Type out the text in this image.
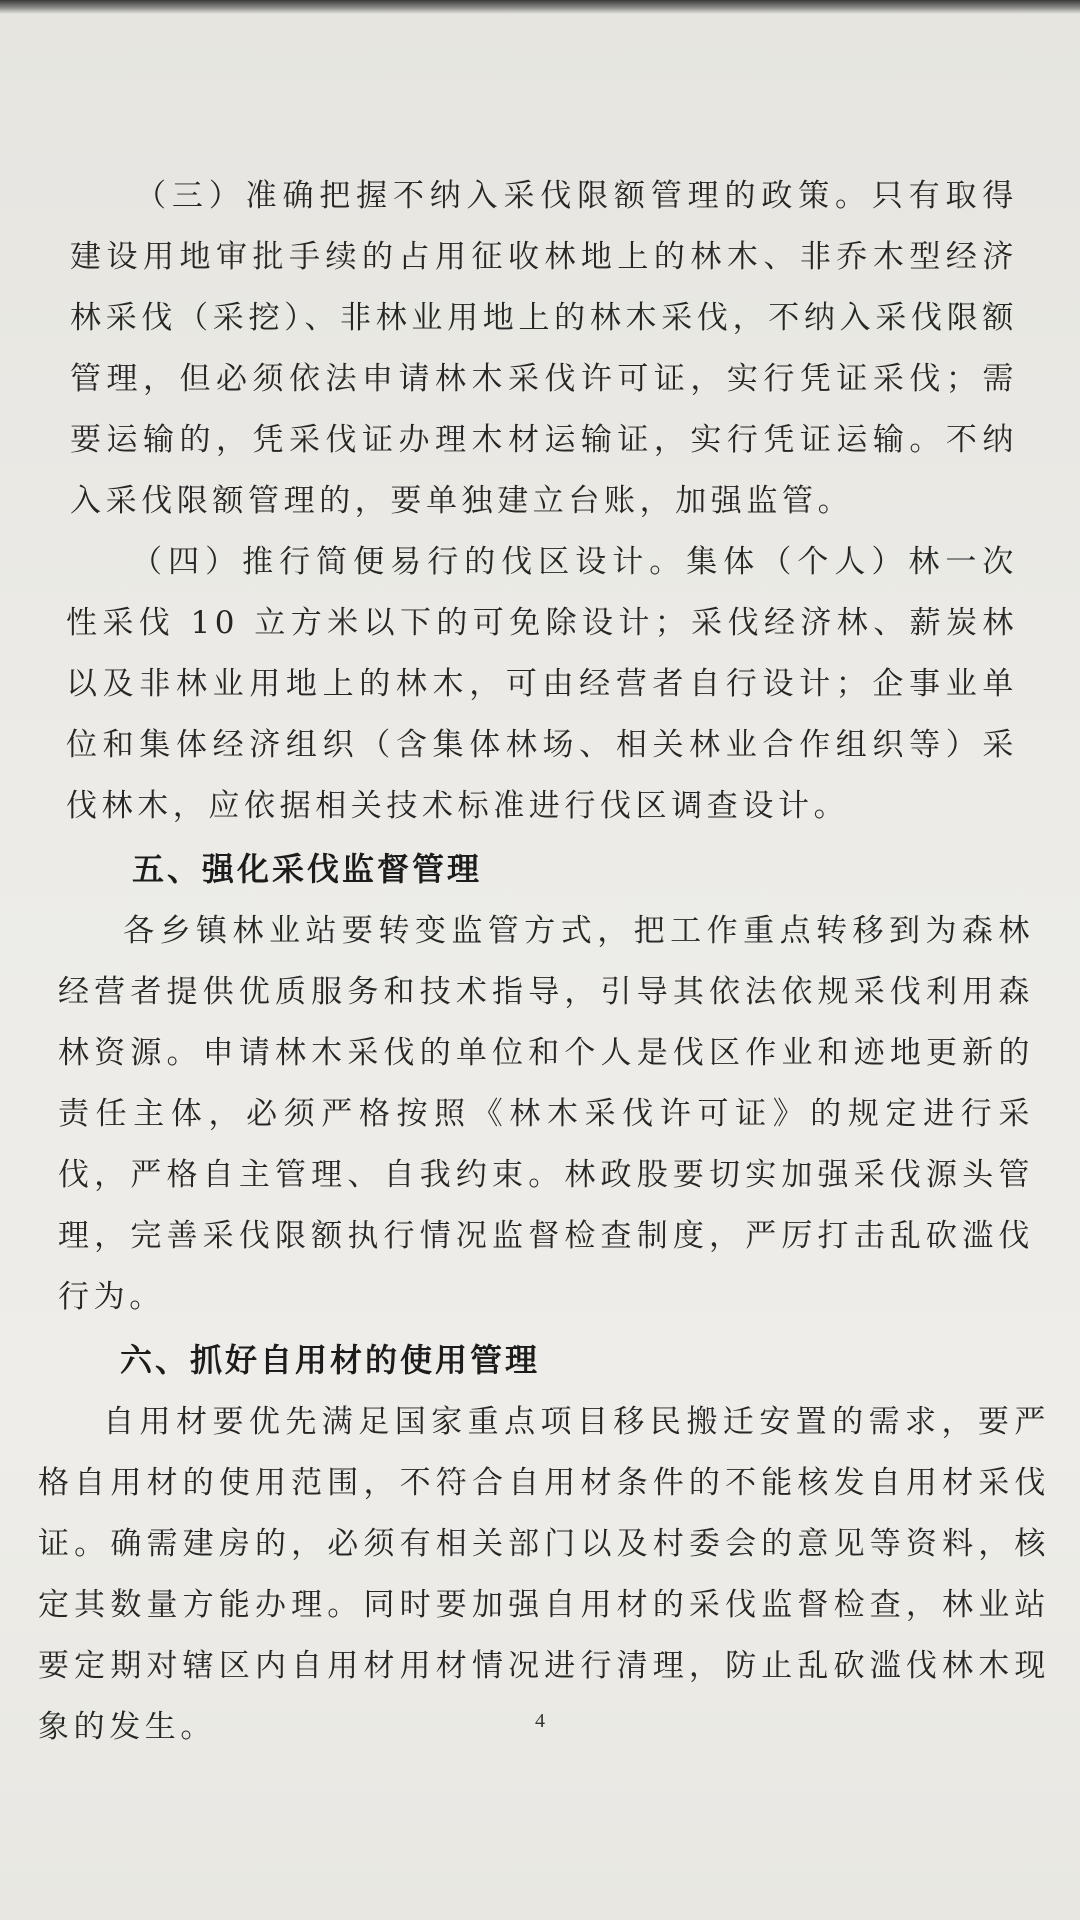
（三）准确把握不纳入采伐限额管理的政策。只有取得建设用地审批手续的占用征收林地上的林木、非乔木型经济林采伐（采挖）、非林业用地上的林木采伐，不纳入采伐限额管理，但必须依法申请林木采伐许可证，实行凭证采伐；需要运输的，凭采伐证办理木材运输证，实行凭证运输。不纳入采伐限额管理的，要单独建立台账，加强监管。

（四）推行简便易行的伐区设计。集体（个人）林一次性采伐 10 立方米以下的可免除设计；采伐经济林、薪炭林以及非林业用地上的林木，可由经营者自行设计；企事业单位和集体经济组织（含集体林场、相关林业合作组织等）采伐林木，应依据相关技术标准进行伐区调查设计。

五、强化采伐监督管理

各乡镇林业站要转变监管方式，把工作重点转移到为森林经营者提供优质服务和技术指导，引导其依法依规采伐利用森林资源。申请林木采伐的单位和个人是伐区作业和迹地更新的责任主体，必须严格按照《林木采伐许可证》的规定进行采伐，严格自主管理、自我约束。林政股要切实加强采伐源头管理，完善采伐限额执行情况监督检查制度，严厉打击乱砍滥伐行为。

六、抓好自用材的使用管理

自用材要优先满足国家重点项目移民搬迁安置的需求，要严格自用材的使用范围，不符合自用材条件的不能核发自用材采伐证。确需建房的，必须有相关部门以及村委会的意见等资料，核定其数量方能办理。同时要加强自用材的采伐监督检查，林业站要定期对辖区内自用材用材情况进行清理，防止乱砍滥伐林木现象的发生。	4
